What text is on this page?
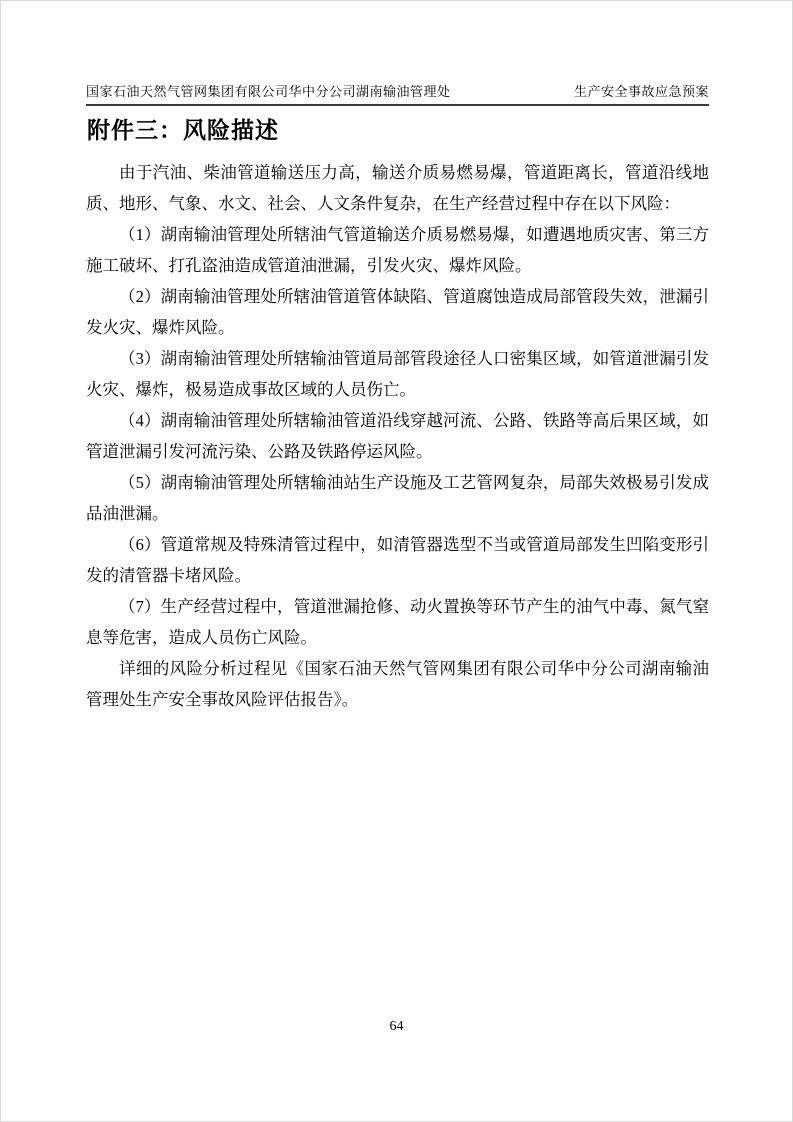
国家石油天然气管网集团有限公司华中分公司湖南输油管理处	生产安全事故应急预案
附件三：风险描述

由于汽油、柴油管道输送压力高，输送介质易燃易爆，管道距离长，管道沿线地质、地形、气象、水文、社会、人文条件复杂，在生产经营过程中存在以下风险：

（1）湖南输油管理处所辖油气管道输送介质易燃易爆，如遭遇地质灾害、第三方施工破坏、打孔盗油造成管道油泄漏，引发火灾、爆炸风险。

（2）湖南输油管理处所辖油管道管体缺陷、管道腐蚀造成局部管段失效，泄漏引发火灾、爆炸风险。

（3）湖南输油管理处所辖输油管道局部管段途径人口密集区域，如管道泄漏引发火灾、爆炸，极易造成事故区域的人员伤亡。

（4）湖南输油管理处所辖输油管道沿线穿越河流、公路、铁路等高后果区域，如管道泄漏引发河流污染、公路及铁路停运风险。

（5）湖南输油管理处所辖输油站生产设施及工艺管网复杂，局部失效极易引发成品油泄漏。

（6）管道常规及特殊清管过程中，如清管器选型不当或管道局部发生凹陷变形引发的清管器卡堵风险。

（7）生产经营过程中，管道泄漏抢修、动火置换等环节产生的油气中毒、氮气窒息等危害，造成人员伤亡风险。

详细的风险分析过程见《国家石油天然气管网集团有限公司华中分公司湖南输油管理处生产安全事故风险评估报告》。

64
